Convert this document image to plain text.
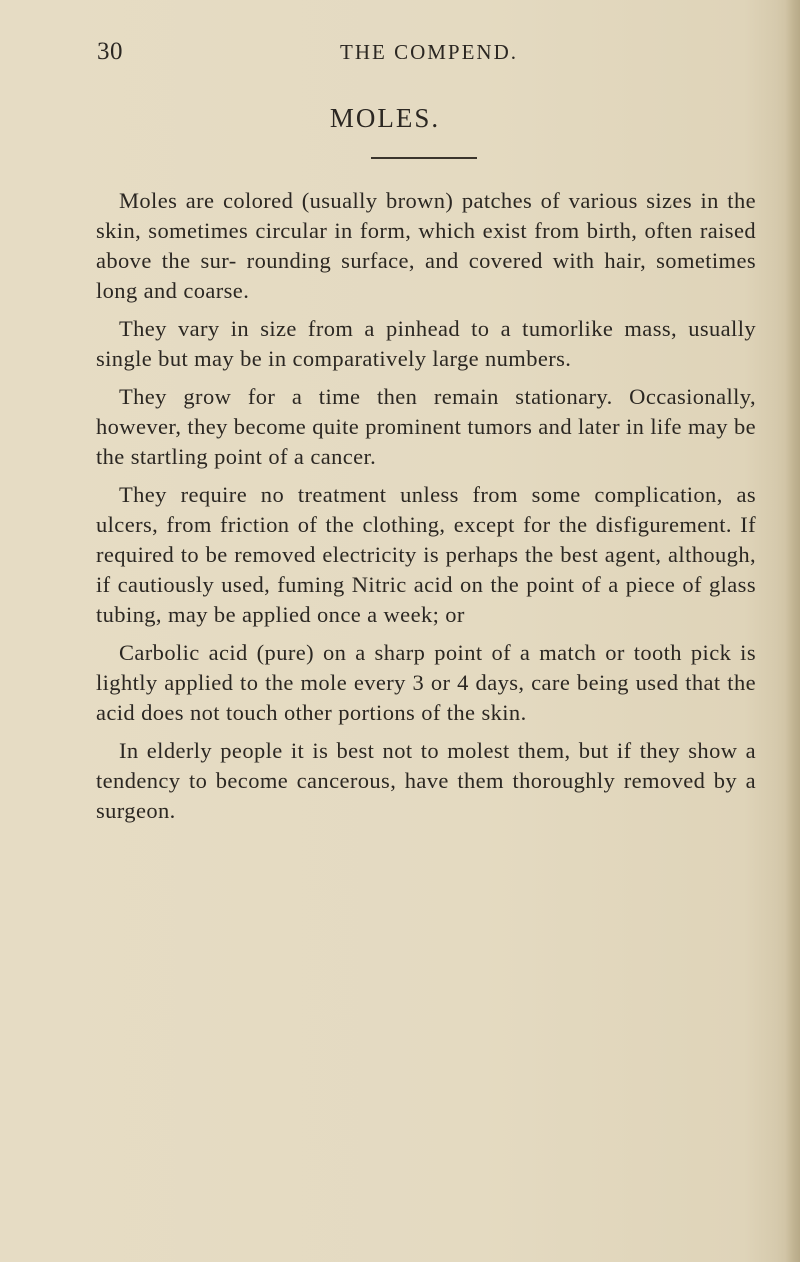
30	THE COMPEND.
MOLES.

Moles are colored (usually brown) patches of various sizes in the skin, sometimes circular in form, which exist from birth, often raised above the sur- rounding surface, and covered with hair, sometimes long and coarse.

They vary in size from a pinhead to a tumorlike mass, usually single but may be in comparatively large numbers.

They grow for a time then remain stationary. Occasionally, however, they become quite prominent tumors and later in life may be the startling point of a cancer.

They require no treatment unless from some complication, as ulcers, from friction of the clothing, except for the disfigurement. If required to be removed electricity is perhaps the best agent, although, if cautiously used, fuming Nitric acid on the point of a piece of glass tubing, may be applied once a week; or

Carbolic acid (pure) on a sharp point of a match or tooth pick is lightly applied to the mole every 3 or 4 days, care being used that the acid does not touch other portions of the skin.

In elderly people it is best not to molest them, but if they show a tendency to become cancerous, have them thoroughly removed by a surgeon.
